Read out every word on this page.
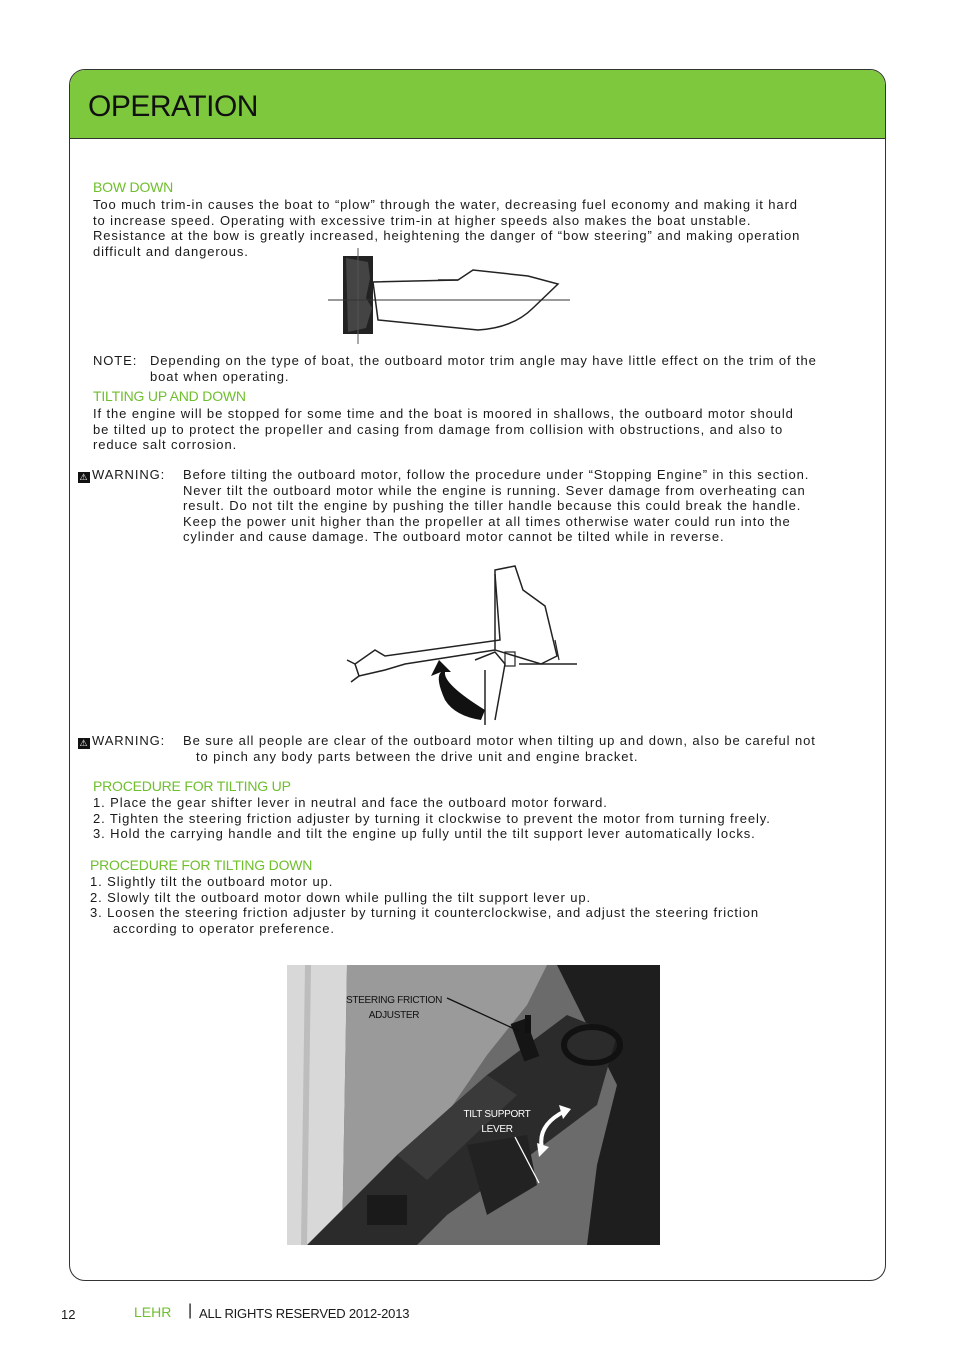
OPERATION
BOW DOWN
Too much trim-in causes the boat to “plow” through the water, decreasing fuel economy and making it hard
to increase speed. Operating with excessive trim-in at higher speeds also makes the boat unstable.
Resistance at the bow is greatly increased, heightening the danger of “bow steering” and making operation
difficult and dangerous.
NOTE: Depending on the type of boat, the outboard motor trim angle may have little effect on the trim of the
boat when operating.
TILTING UP AND DOWN
If the engine will be stopped for some time and the boat is moored in shallows, the outboard motor should
be tilted up to protect the propeller and casing from damage from collision with obstructions, and also to
reduce salt corrosion.
⚠ WARNING: Before tilting the outboard motor, follow the procedure under “Stopping Engine” in this section.
Never tilt the outboard motor while the engine is running. Sever damage from overheating can
result. Do not tilt the engine by pushing the tiller handle because this could break the handle.
Keep the power unit higher than the propeller at all times otherwise water could run into the
cylinder and cause damage. The outboard motor cannot be tilted while in reverse.
⚠ WARNING: Be sure all people are clear of the outboard motor when tilting up and down, also be careful not
to pinch any body parts between the drive unit and engine bracket.
PROCEDURE FOR TILTING UP
1. Place the gear shifter lever in neutral and face the outboard motor forward.
2. Tighten the steering friction adjuster by turning it clockwise to prevent the motor from turning freely.
3. Hold the carrying handle and tilt the engine up fully until the tilt support lever automatically locks.
PROCEDURE FOR TILTING DOWN
1. Slightly tilt the outboard motor up.
2. Slowly tilt the outboard motor down while pulling the tilt support lever up.
3. Loosen the steering friction adjuster by turning it counterclockwise, and adjust the steering friction
according to operator preference.
STEERING FRICTION
ADJUSTER
TILT SUPPORT
LEVER
12	LEHR | ALL RIGHTS RESERVED 2012-2013
